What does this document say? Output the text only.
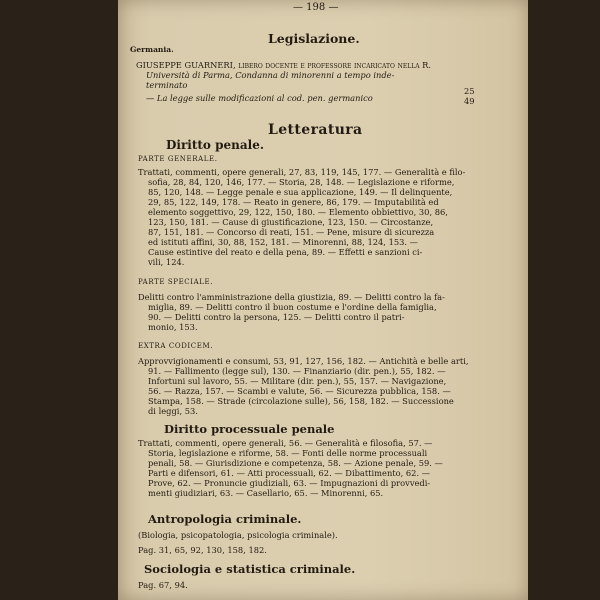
— 198 —
Legislazione.
Germania.
GIUSEPPE GUARNERI, libero docente e professore incaricato nella R.
Università di Parma, Condanna di minorenni a tempo inde-
terminato
25
— La legge sulle modificazioni al cod. pen. germanico	49
Letteratura
Diritto penale.
PARTE GENERALE.
Trattati, commenti, opere generali, 27, 83, 119, 145, 177. — Generalità e filo-
sofia, 28, 84, 120, 146, 177. — Storia, 28, 148. — Legislazione e riforme,
85, 120, 148. — Legge penale e sua applicazione, 149. — Il delinquente,
29, 85, 122, 149, 178. — Reato in genere, 86, 179. — Imputabilità ed
elemento soggettivo, 29, 122, 150, 180. — Elemento obbiettivo, 30, 86,
123, 150, 181. — Cause di giustificazione, 123, 150. — Circostanze,
87, 151, 181. — Concorso di reati, 151. — Pene, misure di sicurezza
ed istituti affini, 30, 88, 152, 181. — Minorenni, 88, 124, 153. —
Cause estintive del reato e della pena, 89. — Effetti e sanzioni ci-
vili, 124.
PARTE SPECIALE.
Delitti contro l'amministrazione della giustizia, 89. — Delitti contro la fa-
miglia, 89. — Delitti contro il buon costume e l'ordine della famiglia,
90. — Delitti contro la persona, 125. — Delitti contro il patri-
monio, 153.
EXTRA CODICEM.
Approvvigionamenti e consumi, 53, 91, 127, 156, 182. — Antichità e belle arti,
91. — Fallimento (legge sul), 130. — Finanziario (dir. pen.), 55, 182. —
Infortuni sul lavoro, 55. — Militare (dir. pen.), 55, 157. — Navigazione,
56. — Razza, 157. — Scambi e valute, 56. — Sicurezza pubblica, 158. —
Stampa, 158. — Strade (circolazione sulle), 56, 158, 182. — Successione
di leggi, 53.
Diritto processuale penale
Trattati, commenti, opere generali, 56. — Generalità e filosofia, 57. —
Storia, legislazione e riforme, 58. — Fonti delle norme processuali
penali, 58. — Giurisdizione e competenza, 58. — Azione penale, 59. —
Parti e difensori, 61. — Atti processuali, 62. — Dibattimento, 62. —
Prove, 62. — Pronuncie giudiziali, 63. — Impugnazioni di provvedi-
menti giudiziari, 63. — Casellario, 65. — Minorenni, 65.
Antropologia criminale.
(Biologia, psicopatologia, psicologia criminale).
Pag. 31, 65, 92, 130, 158, 182.
Sociologia e statistica criminale.
Pag. 67, 94.
